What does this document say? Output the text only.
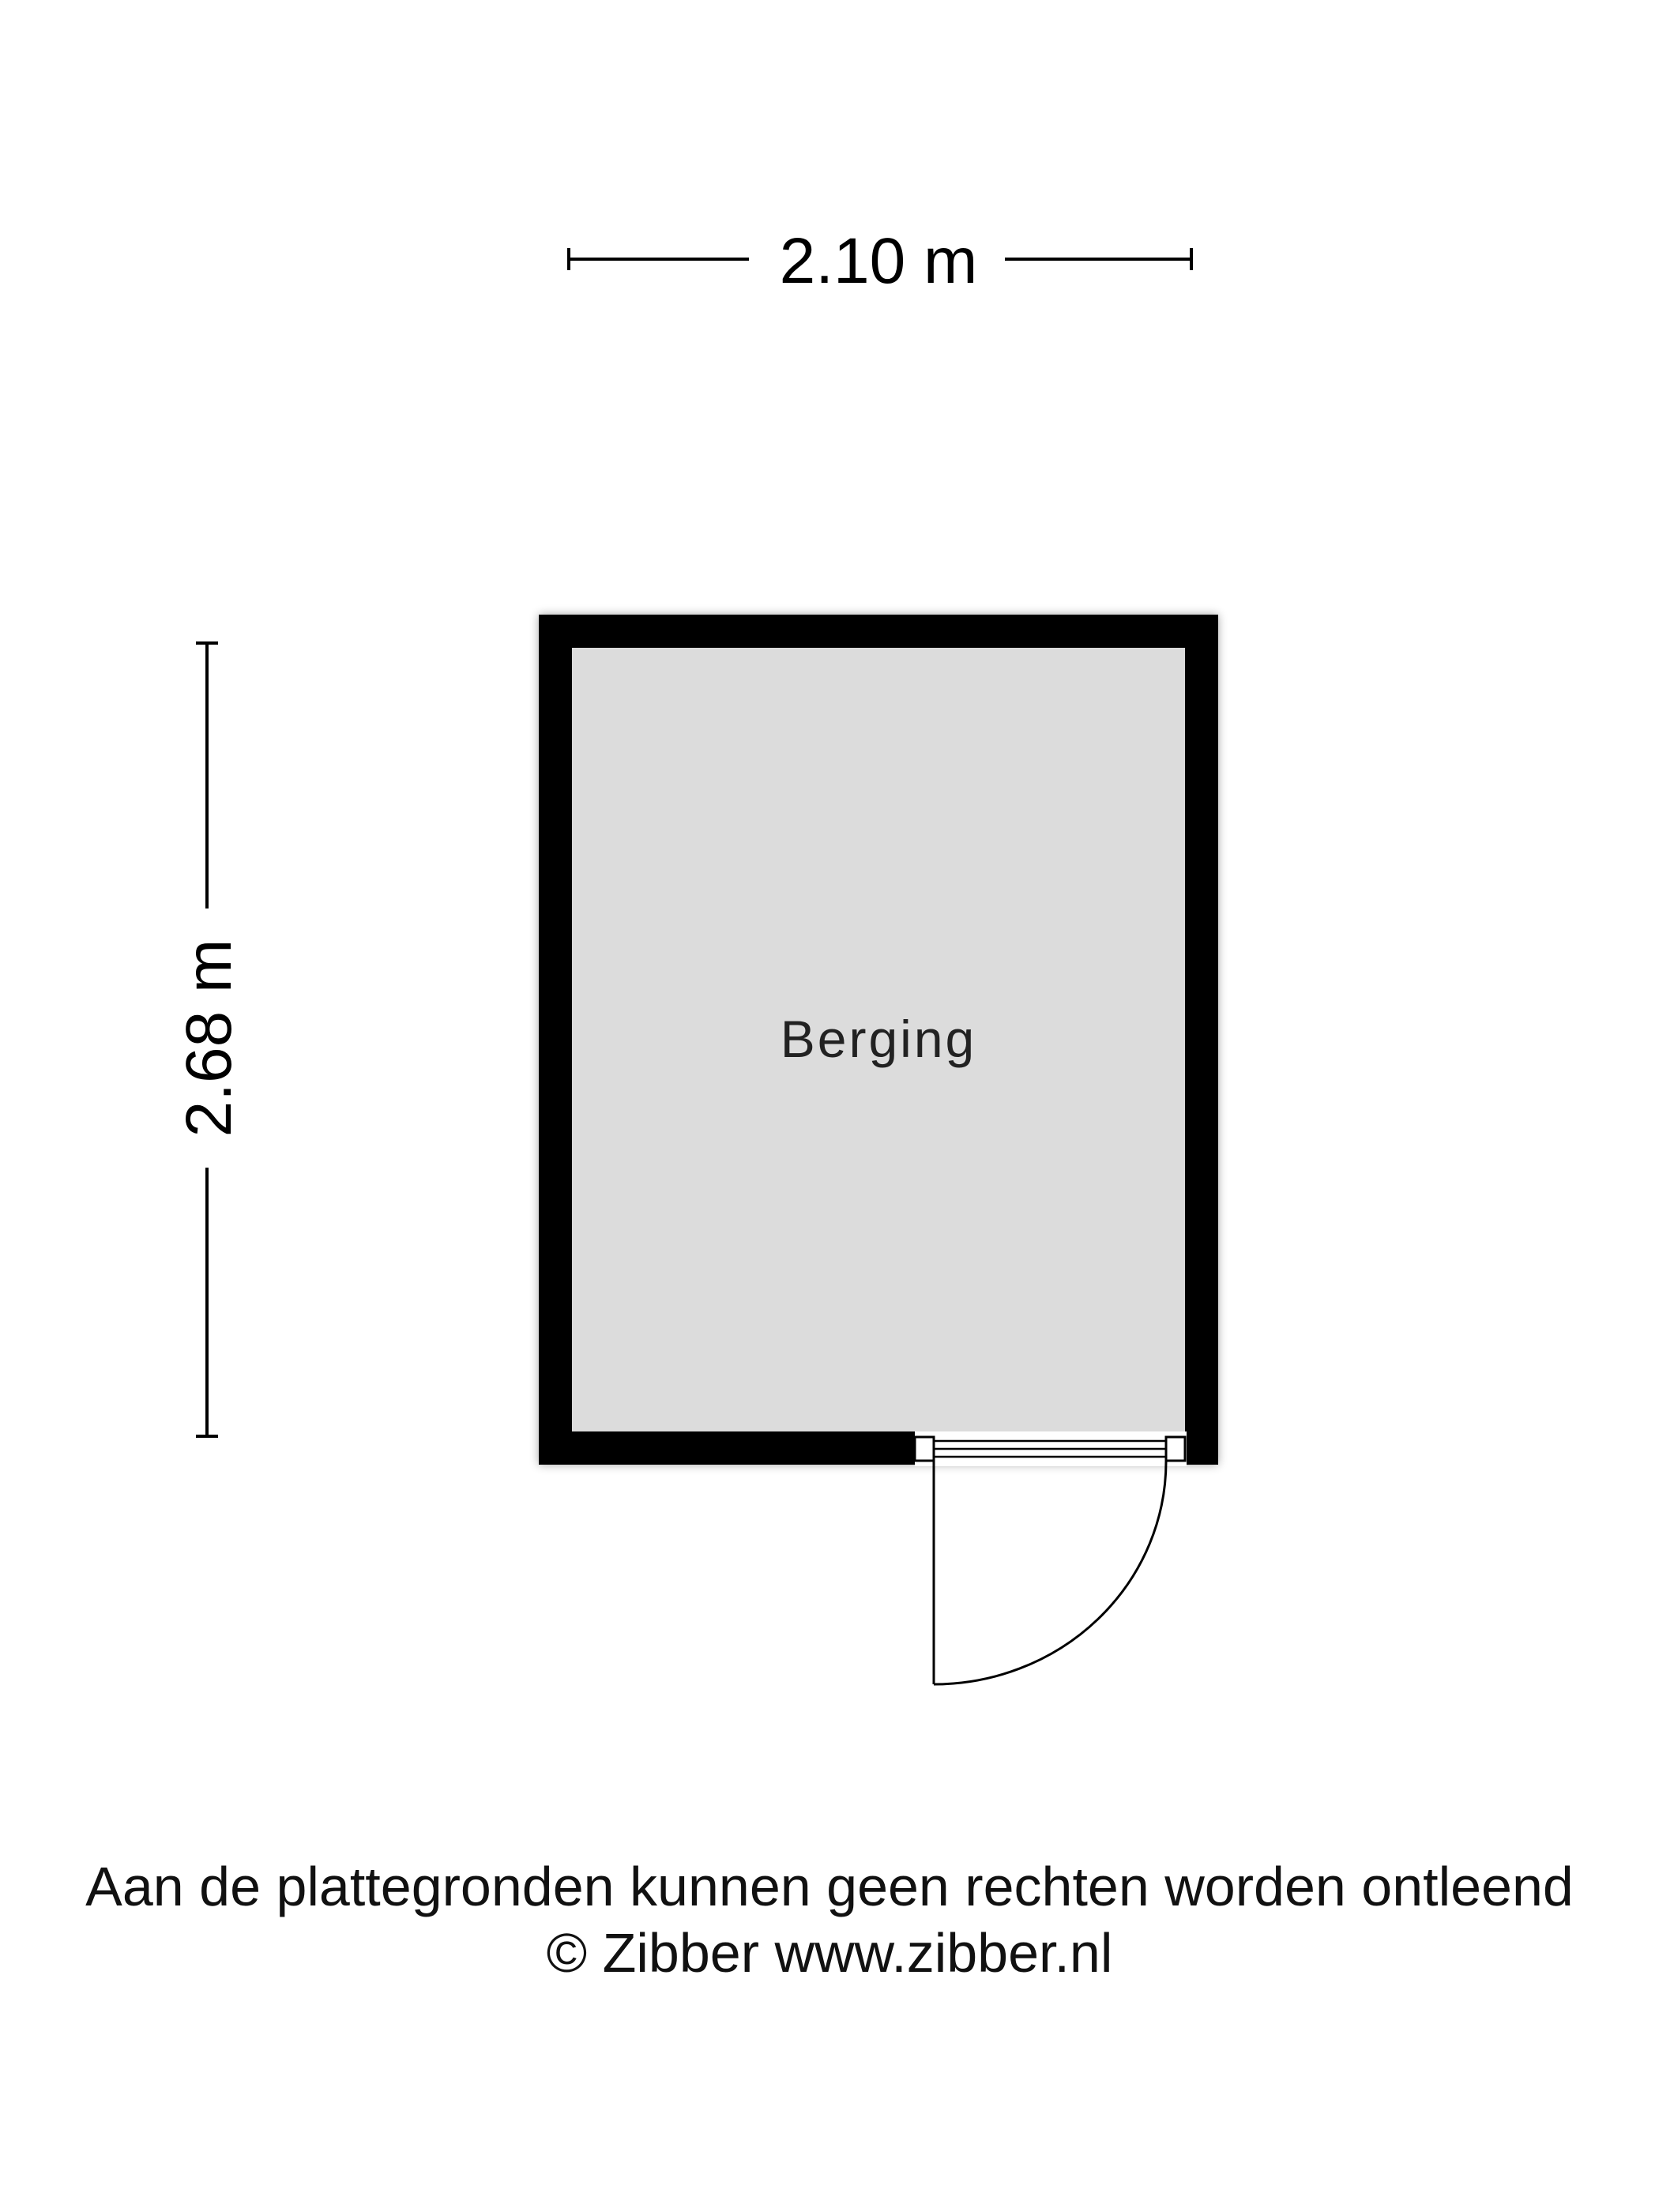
2.10 m
2.68 m	Berging
Aan de plattegronden kunnen geen rechten worden ontleend
© Zibber www.zibber.nl
